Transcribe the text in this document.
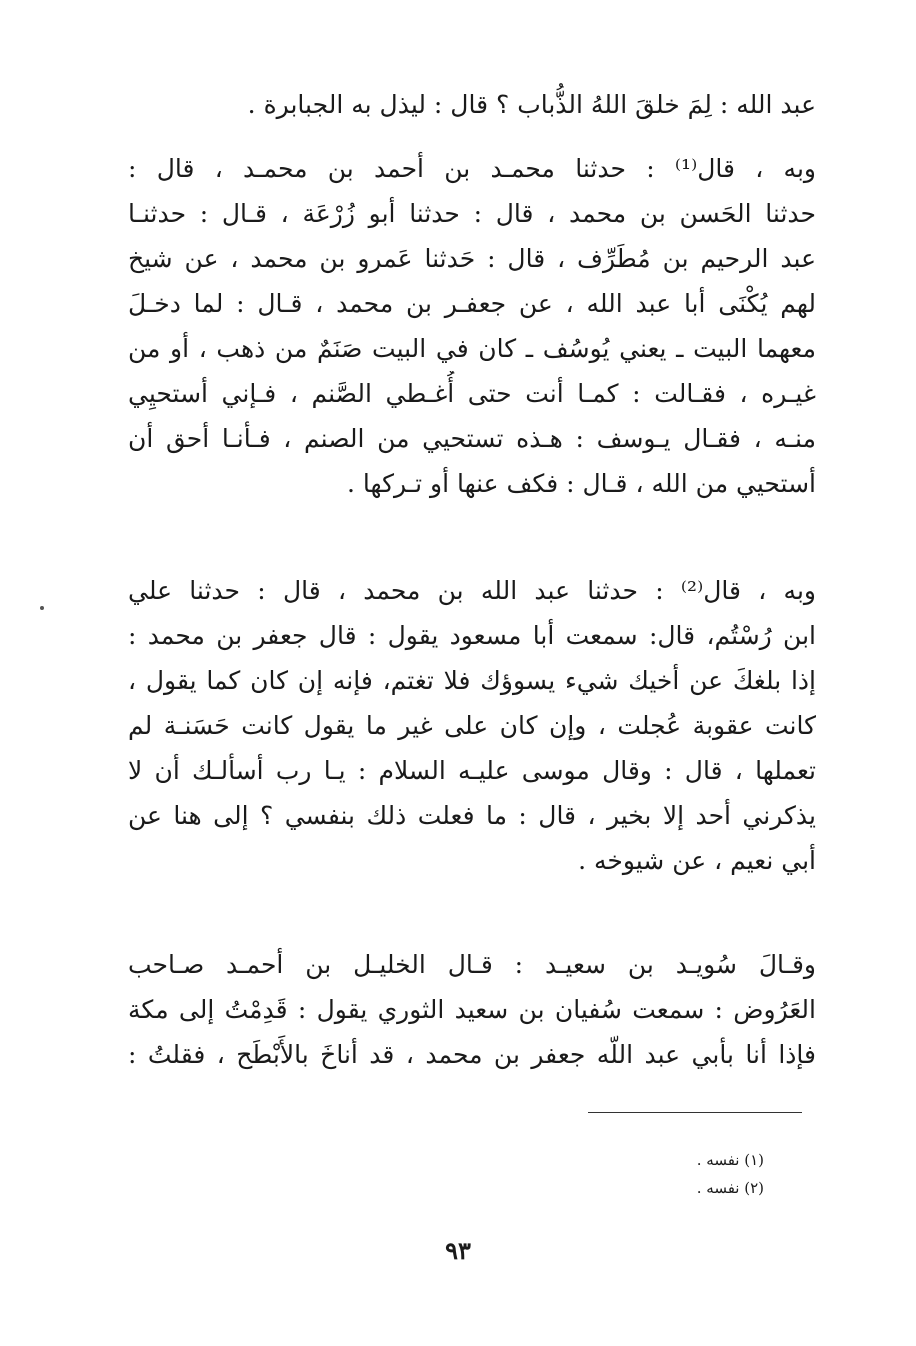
عبد الله : لِمَ خلقَ اللهُ الذُّباب ؟ قال : ليذل به الجبابرة .
وبه ، قال⁽¹⁾ : حدثنا محمـد بن أحمد بن محمـد ، قال :
حدثنا الحَسن بن محمد ، قال : حدثنا أبو زُرْعَة ، قـال : حدثنـا
عبد الرحيم بن مُطَرِّف ، قال : حَدثنا عَمرو بن محمد ، عن شيخ
لهم يُكْنَى أبا عبد الله ، عن جعفـر بن محمد ، قـال : لما دخـلَ
معهما البيت ـ يعني يُوسُف ـ كان في البيت صَنَمٌ من ذهب ، أو من
غيـره ، فقـالت : كمـا أنت حتى أُغـطي الصَّنم ، فـإني أستحيِي
منـه ، فقـال يـوسف : هـذه تستحيي من الصنم ، فـأنـا أحق أن
أستحيي من الله ، قـال : فكف عنها أو تـركها .
وبه ، قال⁽²⁾ : حدثنا عبد الله بن محمد ، قال : حدثنا علي
ابن رُسْتُم، قال: سمعت أبا مسعود يقول : قال جعفر بن محمد :
إذا بلغكَ عن أخيك شيء يسوؤك فلا تغتم، فإنه إن كان كما يقول ،
كانت عقوبة عُجلت ، وإن كان على غير ما يقول كانت حَسَنـة لم
تعملها ، قال : وقال موسى عليـه السلام : يـا رب أسألـك أن لا
يذكرني أحد إلا بخير ، قال : ما فعلت ذلك بنفسي ؟ إلى هنا عن
أبي نعيم ، عن شيوخه .
وقـالَ سُويـد بن سعيـد : قـال الخليـل بن أحمـد صـاحب
العَرُوض : سمعت سُفيان بن سعيد الثوري يقول : قَدِمْتُ إلى مكة
فإذا أنا بأبي عبد اللّه جعفر بن محمد ، قد أناخَ بالأَبْطَح ، فقلتُ :
(١) نفسه .
(٢) نفسه .
٩٣
